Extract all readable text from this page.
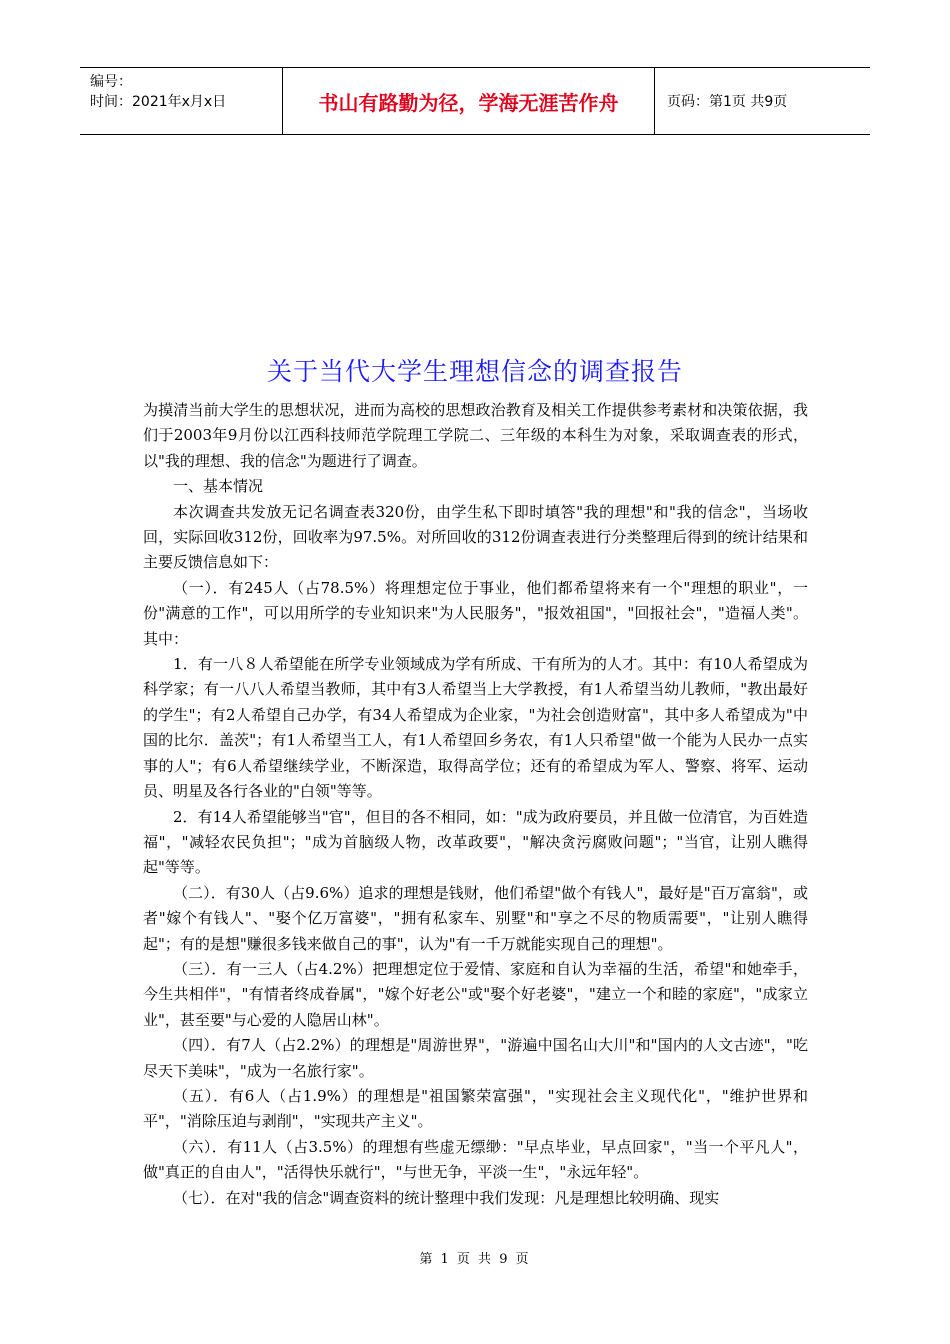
编号：
时间：2021年x月x日	书山有路勤为径，学海无涯苦作舟	页码：第1页 共9页
关于当代大学生理想信念的调查报告

为摸清当前大学生的思想状况，进而为高校的思想政治教育及相关工作提供参考素材和决策依据，我们于2003年9月份以江西科技师范学院理工学院二、三年级的本科生为对象，采取调查表的形式，以"我的理想、我的信念"为题进行了调查。

一、基本情况

本次调查共发放无记名调查表320份，由学生私下即时填答"我的理想"和"我的信念"，当场收回，实际回收312份，回收率为97.5%。对所回收的312份调查表进行分类整理后得到的统计结果和主要反馈信息如下：

（一）．有245人（占78.5%）将理想定位于事业，他们都希望将来有一个"理想的职业"，一份"满意的工作"，可以用所学的专业知识来"为人民服务"，"报效祖国"，"回报社会"，"造福人类"。其中：

1．有一八８人希望能在所学专业领域成为学有所成、干有所为的人才。其中：有10人希望成为科学家；有一八八人希望当教师，其中有3人希望当上大学教授，有1人希望当幼儿教师，"教出最好的学生"；有2人希望自己办学，有34人希望成为企业家，"为社会创造财富"，其中多人希望成为"中国的比尔．盖茨"；有1人希望当工人，有1人希望回乡务农，有1人只希望"做一个能为人民办一点实事的人"；有6人希望继续学业，不断深造，取得高学位；还有的希望成为军人、警察、将军、运动员、明星及各行各业的"白领"等等。

2．有14人希望能够当"官"，但目的各不相同，如："成为政府要员，并且做一位清官，为百姓造福"，"减轻农民负担"；"成为首脑级人物，改革政要"，"解决贪污腐败问题"；"当官，让别人瞧得起"等等。

（二）．有30人（占9.6%）追求的理想是钱财，他们希望"做个有钱人"，最好是"百万富翁"，或者"嫁个有钱人"、"娶个亿万富婆"，"拥有私家车、别墅"和"享之不尽的物质需要"，"让别人瞧得起"；有的是想"赚很多钱来做自己的事"，认为"有一千万就能实现自己的理想"。

（三）．有一三人（占4.2%）把理想定位于爱情、家庭和自认为幸福的生活，希望"和她牵手，今生共相伴"，"有情者终成眷属"，"嫁个好老公"或"娶个好老婆"，"建立一个和睦的家庭"，"成家立业"，甚至要"与心爱的人隐居山林"。

（四）．有7人（占2.2%）的理想是"周游世界"，"游遍中国名山大川"和"国内的人文古迹"，"吃尽天下美味"，"成为一名旅行家"。

（五）．有6人（占1.9%）的理想是"祖国繁荣富强"，"实现社会主义现代化"，"维护世界和平"，"消除压迫与剥削"，"实现共产主义"。

（六）．有11人（占3.5%）的理想有些虚无缥缈："早点毕业，早点回家"，"当一个平凡人"，做"真正的自由人"，"活得快乐就行"，"与世无争，平淡一生"，"永远年轻"。

（七）．在对"我的信念"调查资料的统计整理中我们发现：凡是理想比较明确、现实

第 1 页 共 9 页
